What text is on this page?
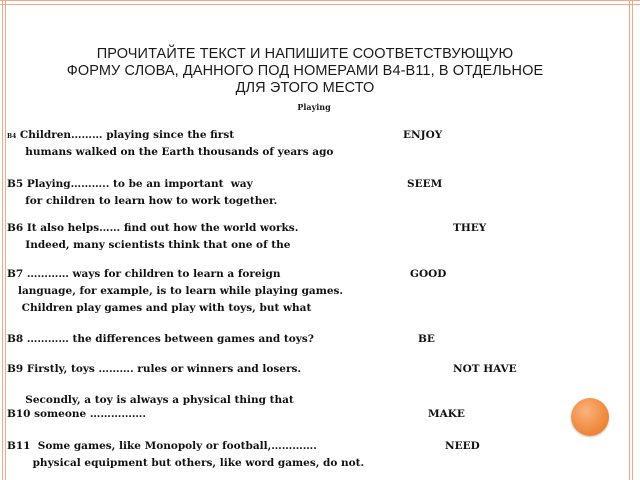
ПРОЧИТАЙТЕ ТЕКСТ И НАПИШИТЕ СООТВЕТСТВУЮЩУЮ
ФОРМУ СЛОВА, ДАННОГО ПОД НОМЕРАМИ В4-В11, В ОТДЕЛЬНОЕ
ДЛЯ ЭТОГО МЕСТО
Playing
B4 Children……… playing since the first
humans walked on the Earth thousands of years ago
B5 Playing……….. to be an important  way
for children to learn how to work together.
B6 It also helps…… find out how the world works.
Indeed, many scientists think that one of the
B7 ………… ways for children to learn a foreign
language, for example, is to learn while playing games.
Children play games and play with toys, but what
B8 ………… the differences between games and toys?
B9 Firstly, toys ………. rules or winners and losers.
Secondly, a toy is always a physical thing that
B10 someone …………….
B11  Some games, like Monopoly or football,………….
physical equipment but others, like word games, do not.
ENJOY
SEEM
THEY
GOOD
BE
NOT HAVE
MAKE
NEED
